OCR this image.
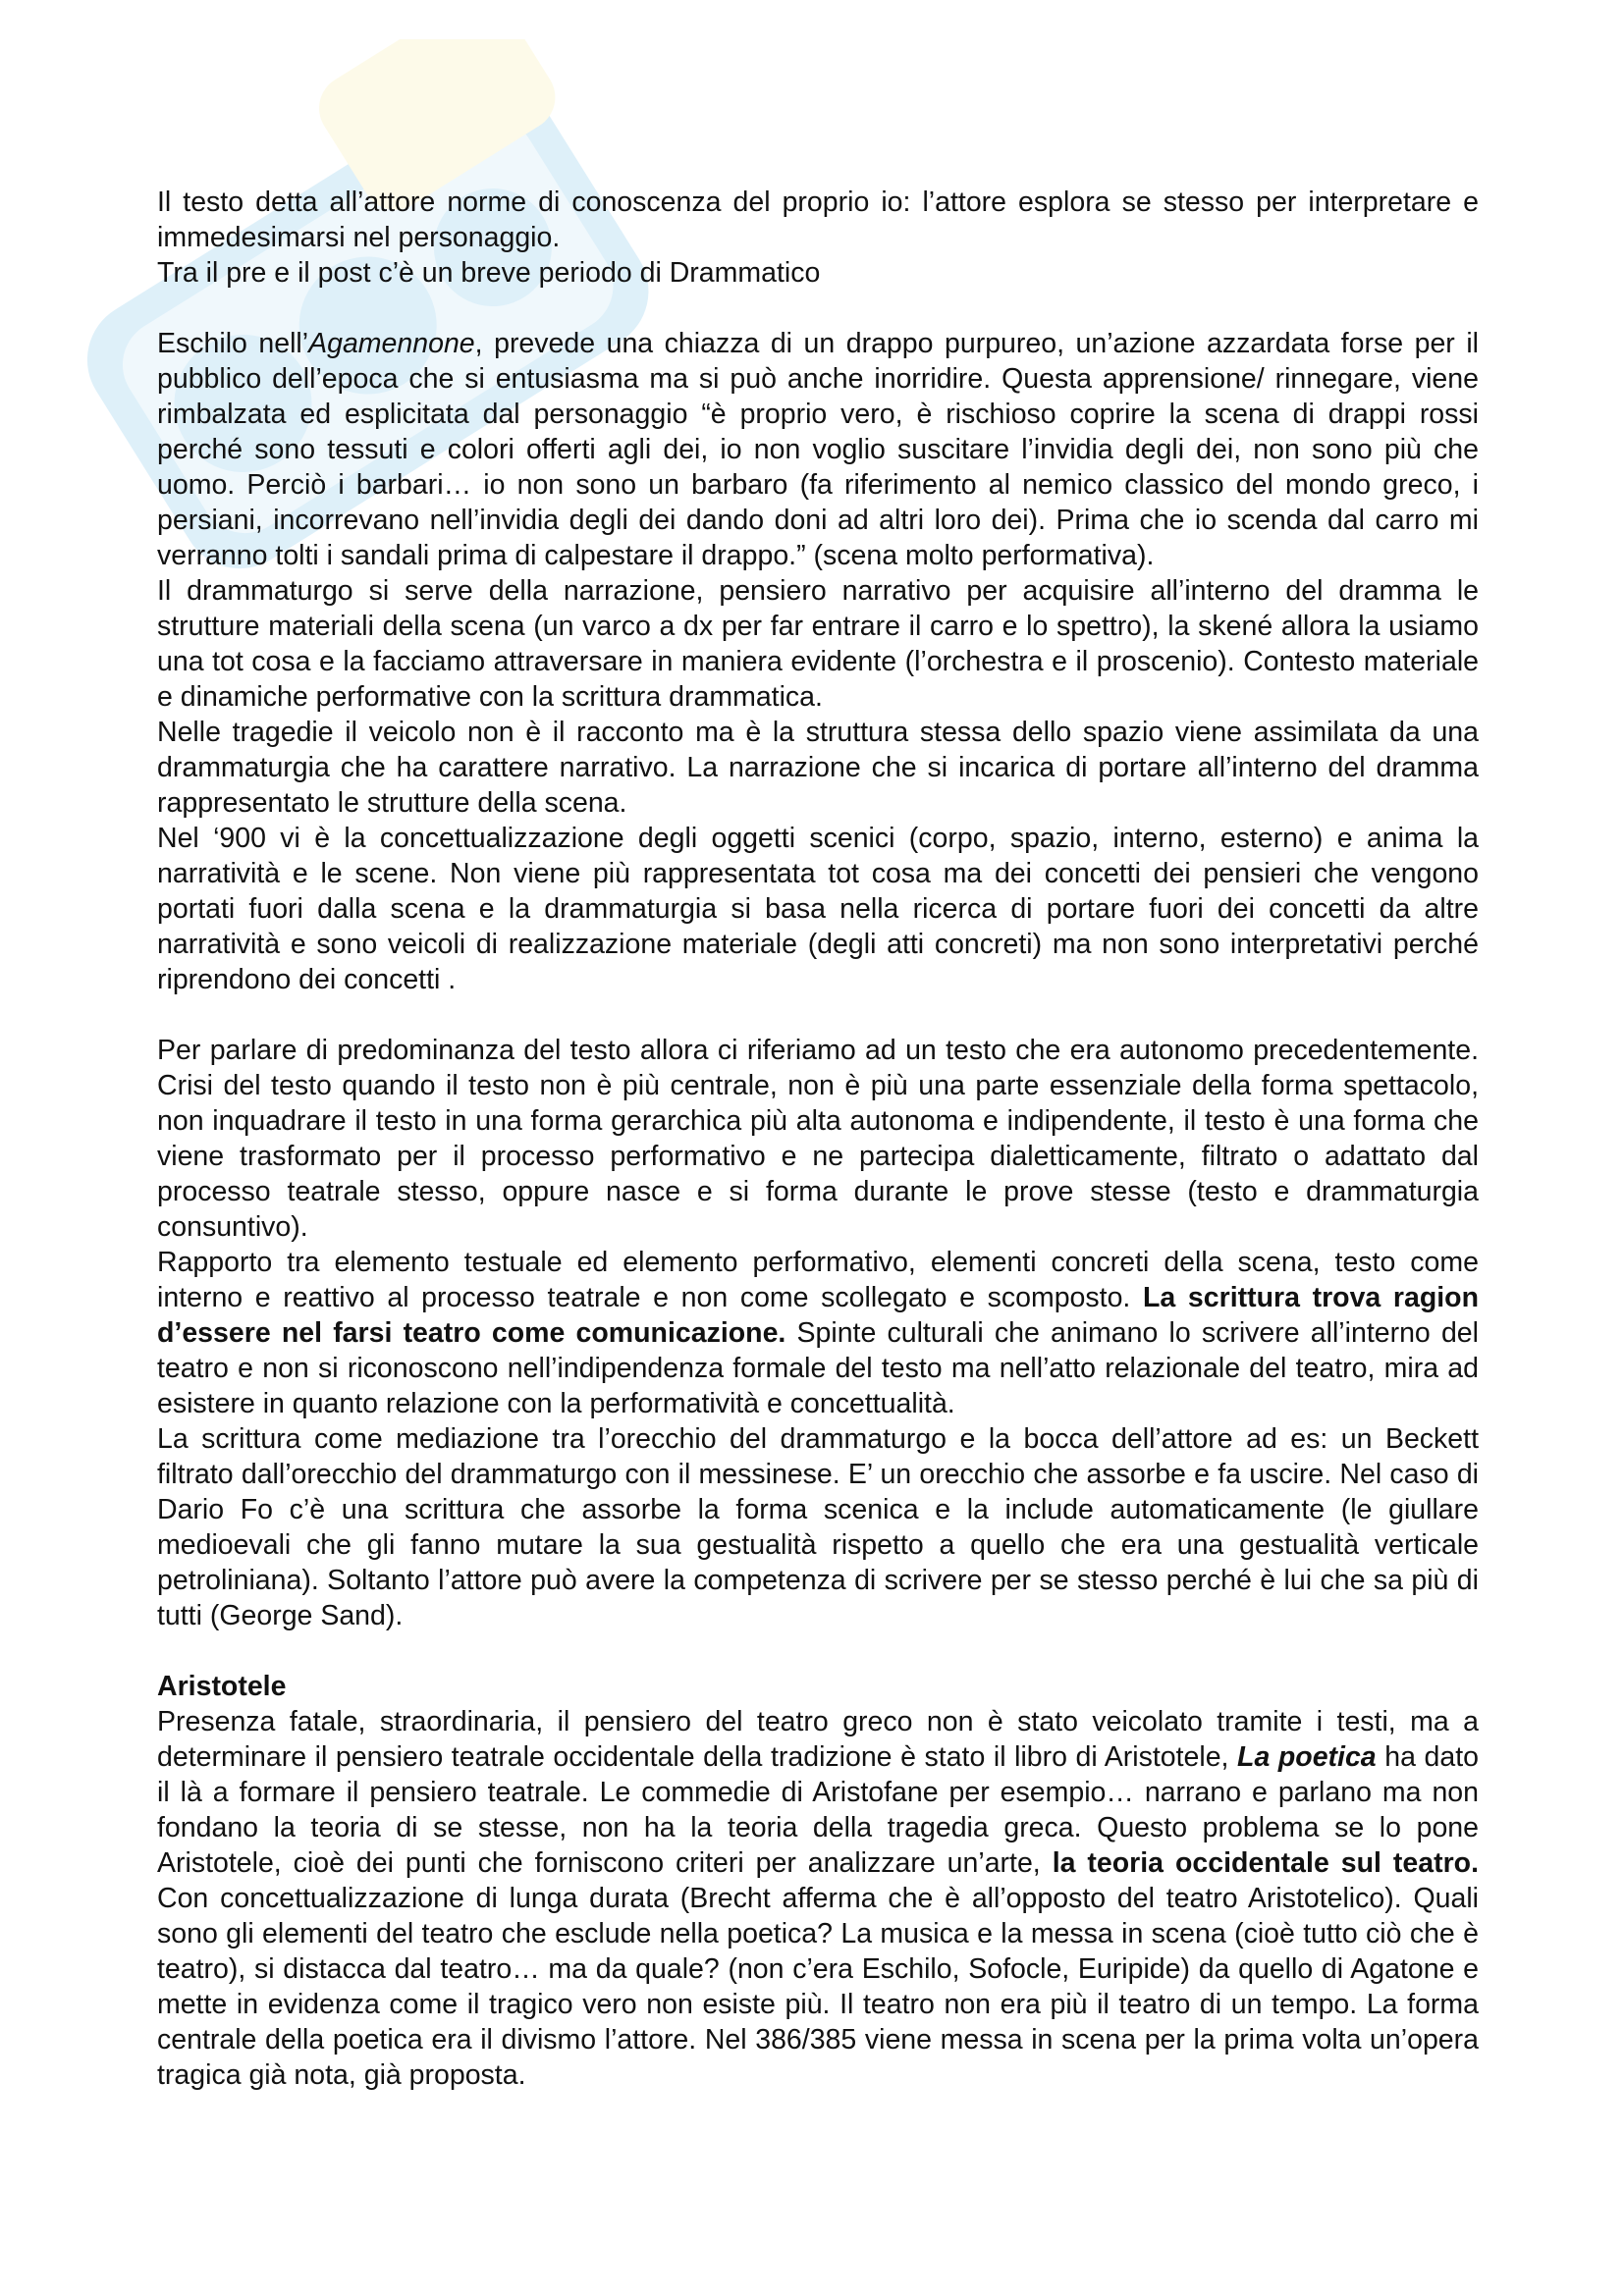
Il testo detta all’attore norme di conoscenza del proprio io: l’attore esplora se stesso per interpretare e immedesimarsi nel personaggio.

Tra il pre e il post c’è un breve periodo di Drammatico

Eschilo nell’Agamennone, prevede una chiazza di un drappo purpureo, un’azione azzardata forse per il pubblico dell’epoca che si entusiasma ma si può anche inorridire. Questa apprensione/ rinnegare, viene rimbalzata ed esplicitata dal personaggio “è proprio vero, è rischioso coprire la scena di drappi rossi perché sono tessuti e colori offerti agli dei, io non voglio suscitare l’invidia degli dei, non sono più che uomo. Perciò i barbari… io non sono un barbaro (fa riferimento al nemico classico del mondo greco, i persiani, incorrevano nell’invidia degli dei dando doni ad altri loro dei). Prima che io scenda dal carro mi verranno tolti i sandali prima di calpestare il drappo.” (scena molto performativa).

Il drammaturgo si serve della narrazione, pensiero narrativo per acquisire all’interno del dramma le strutture materiali della scena (un varco a dx per far entrare il carro e lo spettro), la skené allora la usiamo una tot cosa e la facciamo attraversare in maniera evidente (l’orchestra e il proscenio). Contesto materiale e dinamiche performative con la scrittura drammatica.

Nelle tragedie il veicolo non è il racconto ma è la struttura stessa dello spazio viene assimilata da una drammaturgia che ha carattere narrativo. La narrazione che si incarica di portare all’interno del dramma rappresentato le strutture della scena.

Nel ‘900 vi è la concettualizzazione degli oggetti scenici (corpo, spazio, interno, esterno) e anima la narratività e le scene. Non viene più rappresentata tot cosa ma dei concetti dei pensieri che vengono portati fuori dalla scena e la drammaturgia si basa nella ricerca di portare fuori dei concetti da altre narratività e sono veicoli di realizzazione materiale (degli atti concreti) ma non sono interpretativi perché riprendono dei concetti .

Per parlare di predominanza del testo allora ci riferiamo ad un testo che era autonomo precedentemente. Crisi del testo quando il testo non è più centrale, non è più una parte essenziale della forma spettacolo, non inquadrare il testo in una forma gerarchica più alta autonoma e indipendente, il testo è una forma che viene trasformato per il processo performativo e ne partecipa dialetticamente, filtrato o adattato dal processo teatrale stesso, oppure nasce e si forma durante le prove stesse (testo e drammaturgia consuntivo).

Rapporto tra elemento testuale ed elemento performativo, elementi concreti della scena, testo come interno e reattivo al processo teatrale e non come scollegato e scomposto. La scrittura trova ragion d’essere nel farsi teatro come comunicazione. Spinte culturali che animano lo scrivere all’interno del teatro e non si riconoscono nell’indipendenza formale del testo ma nell’atto relazionale del teatro, mira ad esistere in quanto relazione con la performatività e concettualità.

La scrittura come mediazione tra l’orecchio del drammaturgo e la bocca dell’attore ad es: un Beckett filtrato dall’orecchio del drammaturgo con il messinese. E’ un orecchio che assorbe e fa uscire. Nel caso di Dario Fo c’è una scrittura che assorbe la forma scenica e la include automaticamente (le giullare medioevali che gli fanno mutare la sua gestualità rispetto a quello che era una gestualità verticale petroliniana). Soltanto l’attore può avere la competenza di scrivere per se stesso perché è lui che sa più di tutti (George Sand).

Aristotele

Presenza fatale, straordinaria, il pensiero del teatro greco non è stato veicolato tramite i testi, ma a determinare il pensiero teatrale occidentale della tradizione è stato il libro di Aristotele, La poetica ha dato il là a formare il pensiero teatrale. Le commedie di Aristofane per esempio… narrano e parlano ma non fondano la teoria di se stesse, non ha la teoria della tragedia greca. Questo problema se lo pone Aristotele, cioè dei punti che forniscono criteri per analizzare un’arte, la teoria occidentale sul teatro. Con concettualizzazione di lunga durata (Brecht afferma che è all’opposto del teatro Aristotelico). Quali sono gli elementi del teatro che esclude nella poetica? La musica e la messa in scena (cioè tutto ciò che è teatro), si distacca dal teatro… ma da quale? (non c’era Eschilo, Sofocle, Euripide) da quello di Agatone e mette in evidenza come il tragico vero non esiste più. Il teatro non era più il teatro di un tempo. La forma centrale della poetica era il divismo l’attore. Nel 386/385 viene messa in scena per la prima volta un’opera tragica già nota, già proposta.
